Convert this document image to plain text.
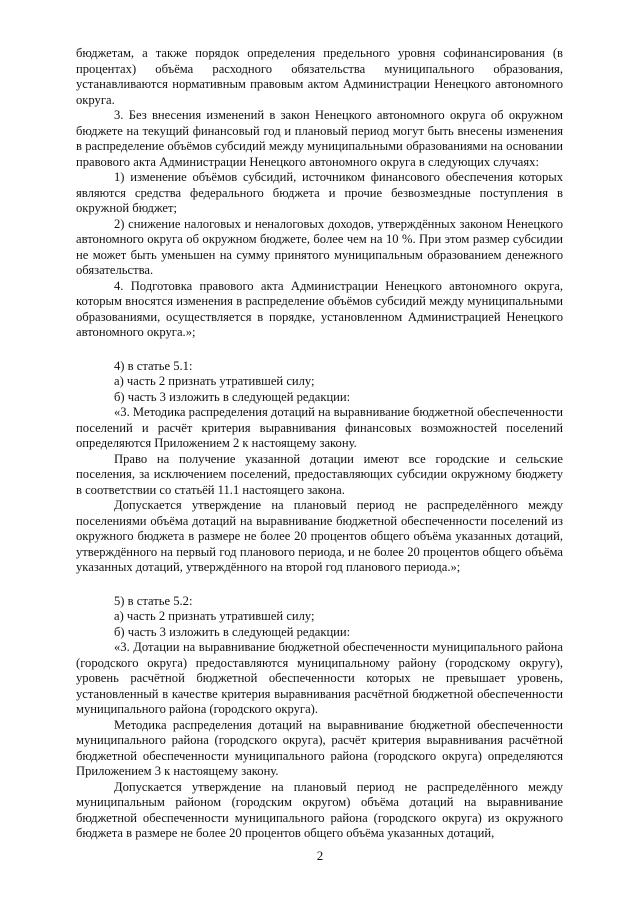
бюджетам, а также порядок определения предельного уровня софинансирования (в процентах) объёма расходного обязательства муниципального образования, устанавливаются нормативным правовым актом Администрации Ненецкого автономного округа.

3. Без внесения изменений в закон Ненецкого автономного округа об окружном бюджете на текущий финансовый год и плановый период могут быть внесены изменения в распределение объёмов субсидий между муниципальными образованиями на основании правового акта Администрации Ненецкого автономного округа в следующих случаях:

1) изменение объёмов субсидий, источником финансового обеспечения которых являются средства федерального бюджета и прочие безвозмездные поступления в окружной бюджет;

2) снижение налоговых и неналоговых доходов, утверждённых законом Ненецкого автономного округа об окружном бюджете, более чем на 10 %. При этом размер субсидии не может быть уменьшен на сумму принятого муниципальным образованием денежного обязательства.

4. Подготовка правового акта Администрации Ненецкого автономного округа, которым вносятся изменения в распределение объёмов субсидий между муниципальными образованиями, осуществляется в порядке, установленном Администрацией Ненецкого автономного округа.»;

4) в статье 5.1:

а) часть 2 признать утратившей силу;

б) часть 3 изложить в следующей редакции:

«3. Методика распределения дотаций на выравнивание бюджетной обеспеченности поселений и расчёт критерия выравнивания финансовых возможностей поселений определяются Приложением 2 к настоящему закону.

Право на получение указанной дотации имеют все городские и сельские поселения, за исключением поселений, предоставляющих субсидии окружному бюджету в соответствии со статьёй 11.1 настоящего закона.

Допускается утверждение на плановый период не распределённого между поселениями объёма дотаций на выравнивание бюджетной обеспеченности поселений из окружного бюджета в размере не более 20 процентов общего объёма указанных дотаций, утверждённого на первый год планового периода, и не более 20 процентов общего объёма указанных дотаций, утверждённого на второй год планового периода.»;

5) в статье 5.2:

а) часть 2 признать утратившей силу;

б) часть 3 изложить в следующей редакции:

«3. Дотации на выравнивание бюджетной обеспеченности муниципального района (городского округа) предоставляются муниципальному району (городскому округу), уровень расчётной бюджетной обеспеченности которых не превышает уровень, установленный в качестве критерия выравнивания расчётной бюджетной обеспеченности муниципального района (городского округа).

Методика распределения дотаций на выравнивание бюджетной обеспеченности муниципального района (городского округа), расчёт критерия выравнивания расчётной бюджетной обеспеченности муниципального района (городского округа) определяются Приложением 3 к настоящему закону.

Допускается утверждение на плановый период не распределённого между муниципальным районом (городским округом) объёма дотаций на выравнивание бюджетной обеспеченности муниципального района (городского округа) из окружного бюджета в размере не более 20 процентов общего объёма указанных дотаций,

2
